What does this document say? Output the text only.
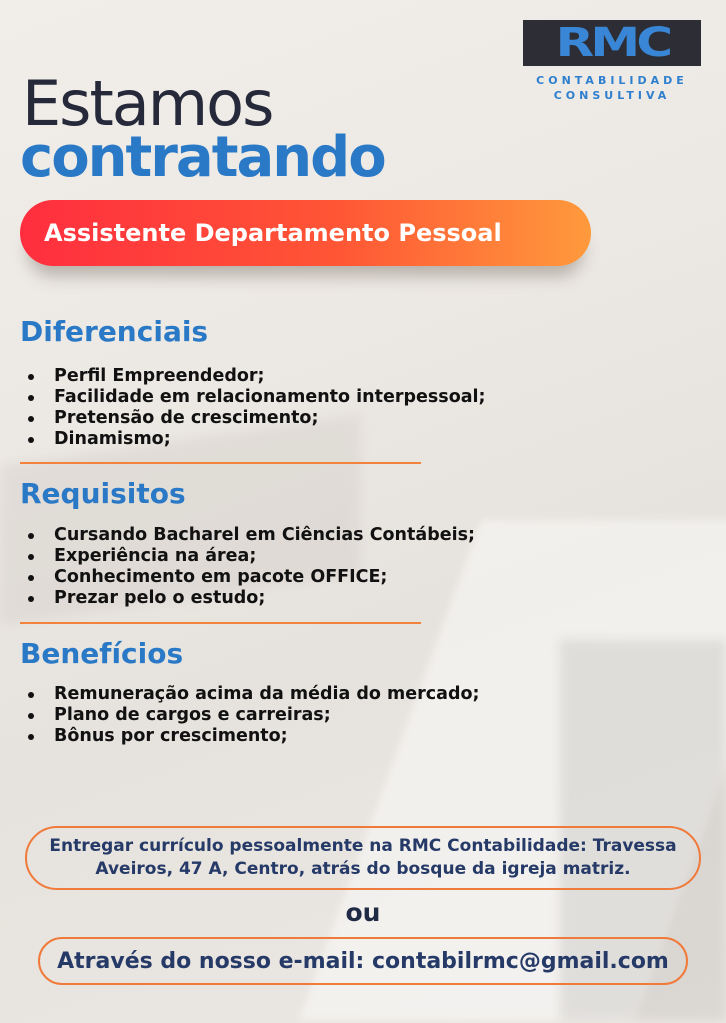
RMC
CONTABILIDADE
CONSULTIVA
Estamos
contratando
Assistente Departamento Pessoal
Diferenciais
Perfil Empreendedor;
Facilidade em relacionamento interpessoal;
Pretensão de crescimento;
Dinamismo;
Requisitos
Cursando Bacharel em Ciências Contábeis;
Experiência na área;
Conhecimento em pacote OFFICE;
Prezar pelo o estudo;
Benefícios
Remuneração acima da média do mercado;
Plano de cargos e carreiras;
Bônus por crescimento;
Entregar currículo pessoalmente na RMC Contabilidade: Travessa
Aveiros, 47 A, Centro, atrás do bosque da igreja matriz.
ou
Através do nosso e-mail: contabilrmc@gmail.com
